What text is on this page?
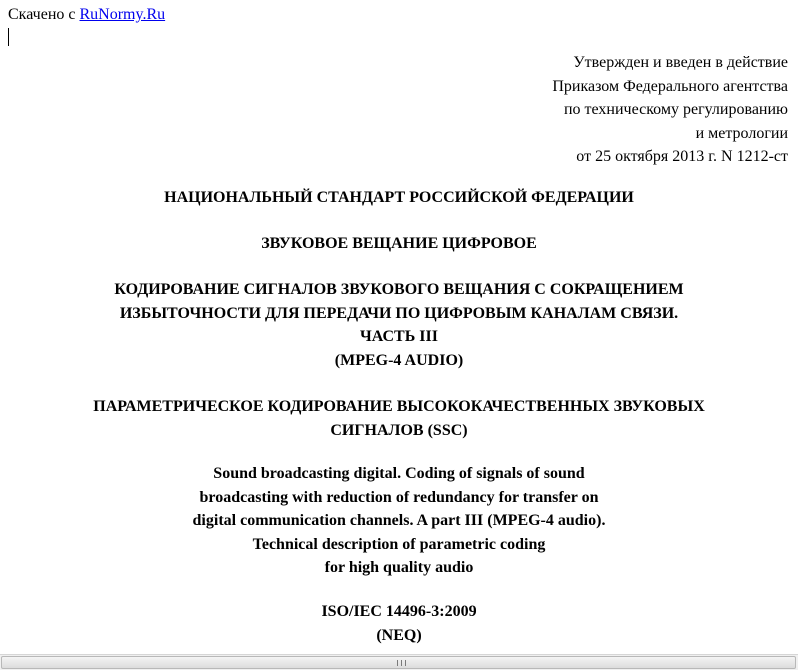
Скачено с RuNormy.Ru
Утвержден и введен в действие
Приказом Федерального агентства
по техническому регулированию
и метрологии
от 25 октября 2013 г. N 1212-ст
НАЦИОНАЛЬНЫЙ СТАНДАРТ РОССИЙСКОЙ ФЕДЕРАЦИИ
ЗВУКОВОЕ ВЕЩАНИЕ ЦИФРОВОЕ
КОДИРОВАНИЕ СИГНАЛОВ ЗВУКОВОГО ВЕЩАНИЯ С СОКРАЩЕНИЕМ
ИЗБЫТОЧНОСТИ ДЛЯ ПЕРЕДАЧИ ПО ЦИФРОВЫМ КАНАЛАМ СВЯЗИ.
ЧАСТЬ III
(MPEG-4 AUDIO)
ПАРАМЕТРИЧЕСКОЕ КОДИРОВАНИЕ ВЫСОКОКАЧЕСТВЕННЫХ ЗВУКОВЫХ
СИГНАЛОВ (SSC)
Sound broadcasting digital. Coding of signals of sound
broadcasting with reduction of redundancy for transfer on
digital communication channels. A part III (MPEG-4 audio).
Technical description of parametric coding
for high quality audio
ISO/IEC 14496-3:2009
(NEQ)
